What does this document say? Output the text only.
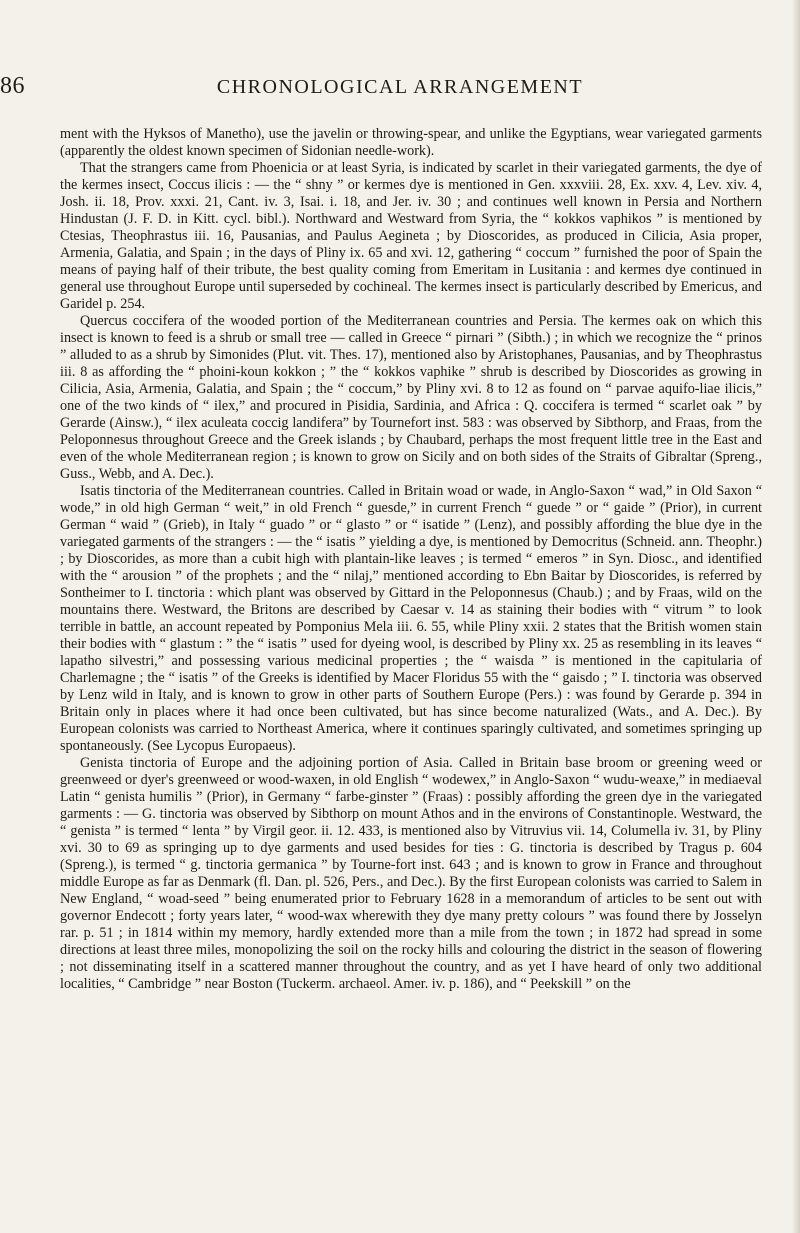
86	CHRONOLOGICAL ARRANGEMENT

ment with the Hyksos of Manetho), use the javelin or throwing-spear, and unlike the Egyptians, wear variegated garments (apparently the oldest known specimen of Sidonian needle-work).

That the strangers came from Phoenicia or at least Syria, is indicated by scarlet in their variegated garments, the dye of the kermes insect, Coccus ilicis : — the “ shny ” or kermes dye is mentioned in Gen. xxxviii. 28, Ex. xxv. 4, Lev. xiv. 4, Josh. ii. 18, Prov. xxxi. 21, Cant. iv. 3, Isai. i. 18, and Jer. iv. 30 ; and continues well known in Persia and Northern Hindustan (J. F. D. in Kitt. cycl. bibl.). Northward and Westward from Syria, the “ kokkos vaphikos ” is mentioned by Ctesias, Theophrastus iii. 16, Pausanias, and Paulus Aegineta ; by Dioscorides, as produced in Cilicia, Asia proper, Armenia, Galatia, and Spain ; in the days of Pliny ix. 65 and xvi. 12, gathering “ coccum ” furnished the poor of Spain the means of paying half of their tribute, the best quality coming from Emeritam in Lusitania : and kermes dye continued in general use throughout Europe until superseded by cochineal. The kermes insect is particularly described by Emericus, and Garidel p. 254.

Quercus coccifera of the wooded portion of the Mediterranean countries and Persia. The kermes oak on which this insect is known to feed is a shrub or small tree — called in Greece “ pirnari ” (Sibth.) ; in which we recognize the “ prinos ” alluded to as a shrub by Simonides (Plut. vit. Thes. 17), mentioned also by Aristophanes, Pausanias, and by Theophrastus iii. 8 as affording the “ phoini-koun kokkon ; ” the “ kokkos vaphike ” shrub is described by Dioscorides as growing in Cilicia, Asia, Armenia, Galatia, and Spain ; the “ coccum,” by Pliny xvi. 8 to 12 as found on “ parvae aquifo-liae ilicis,” one of the two kinds of “ ilex,” and procured in Pisidia, Sardinia, and Africa : Q. coccifera is termed “ scarlet oak ” by Gerarde (Ainsw.), “ ilex aculeata coccig landifera” by Tournefort inst. 583 : was observed by Sibthorp, and Fraas, from the Peloponnesus throughout Greece and the Greek islands ; by Chaubard, perhaps the most frequent little tree in the East and even of the whole Mediterranean region ; is known to grow on Sicily and on both sides of the Straits of Gibraltar (Spreng., Guss., Webb, and A. Dec.).

Isatis tinctoria of the Mediterranean countries. Called in Britain woad or wade, in Anglo-Saxon “ wad,” in Old Saxon “ wode,” in old high German “ weit,” in old French “ guesde,” in current French “ guede ” or “ gaide ” (Prior), in current German “ waid ” (Grieb), in Italy “ guado ” or “ glasto ” or “ isatide ” (Lenz), and possibly affording the blue dye in the variegated garments of the strangers : — the “ isatis ” yielding a dye, is mentioned by Democritus (Schneid. ann. Theophr.) ; by Dioscorides, as more than a cubit high with plantain-like leaves ; is termed “ emeros ” in Syn. Diosc., and identified with the “ arousion ” of the prophets ; and the “ nilaj,” mentioned according to Ebn Baitar by Dioscorides, is referred by Sontheimer to I. tinctoria : which plant was observed by Gittard in the Peloponnesus (Chaub.) ; and by Fraas, wild on the mountains there. Westward, the Britons are described by Caesar v. 14 as staining their bodies with “ vitrum ” to look terrible in battle, an account repeated by Pomponius Mela iii. 6. 55, while Pliny xxii. 2 states that the British women stain their bodies with “ glastum : ” the “ isatis ” used for dyeing wool, is described by Pliny xx. 25 as resembling in its leaves “ lapatho silvestri,” and possessing various medicinal properties ; the “ waisda ” is mentioned in the capitularia of Charlemagne ; the “ isatis ” of the Greeks is identified by Macer Floridus 55 with the “ gaisdo ; ” I. tinctoria was observed by Lenz wild in Italy, and is known to grow in other parts of Southern Europe (Pers.) : was found by Gerarde p. 394 in Britain only in places where it had once been cultivated, but has since become naturalized (Wats., and A. Dec.). By European colonists was carried to Northeast America, where it continues sparingly cultivated, and sometimes springing up spontaneously. (See Lycopus Europaeus).

Genista tinctoria of Europe and the adjoining portion of Asia. Called in Britain base broom or greening weed or greenweed or dyer's greenweed or wood-waxen, in old English “ wodewex,” in Anglo-Saxon “ wudu-weaxe,” in mediaeval Latin “ genista humilis ” (Prior), in Germany “ farbe-ginster ” (Fraas) : possibly affording the green dye in the variegated garments : — G. tinctoria was observed by Sibthorp on mount Athos and in the environs of Constantinople. Westward, the “ genista ” is termed “ lenta ” by Virgil geor. ii. 12. 433, is mentioned also by Vitruvius vii. 14, Columella iv. 31, by Pliny xvi. 30 to 69 as springing up to dye garments and used besides for ties : G. tinctoria is described by Tragus p. 604 (Spreng.), is termed “ g. tinctoria germanica ” by Tourne-fort inst. 643 ; and is known to grow in France and throughout middle Europe as far as Denmark (fl. Dan. pl. 526, Pers., and Dec.). By the first European colonists was carried to Salem in New England, “ woad-seed ” being enumerated prior to February 1628 in a memorandum of articles to be sent out with governor Endecott ; forty years later, “ wood-wax wherewith they dye many pretty colours ” was found there by Josselyn rar. p. 51 ; in 1814 within my memory, hardly extended more than a mile from the town ; in 1872 had spread in some directions at least three miles, monopolizing the soil on the rocky hills and colouring the district in the season of flowering ; not disseminating itself in a scattered manner throughout the country, and as yet I have heard of only two additional localities, “ Cambridge ” near Boston (Tuckerm. archaeol. Amer. iv. p. 186), and “ Peekskill ” on the
